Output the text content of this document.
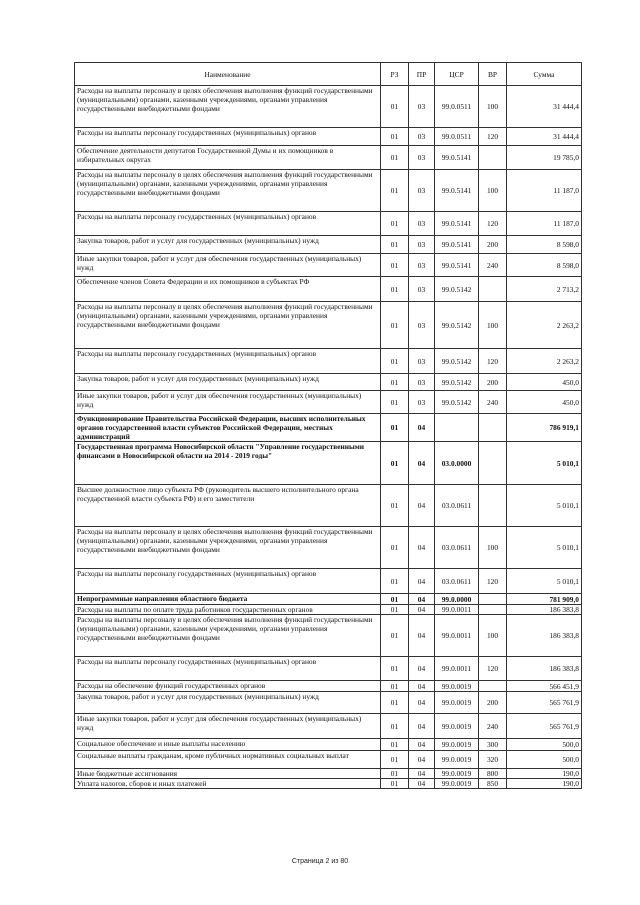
Наименование	РЗ	ПР	ЦСР	ВР	Сумма
Расходы на выплаты персоналу в целях обеспечения выполнения функций государственными (муниципальными) органами, казенными учреждениями, органами управления государственными внебюджетными фондами	01	03	99.0.0511	100	31 444,4
Расходы на выплаты персоналу государственных (муниципальных) органов	01	03	99.0.0511	120	31 444,4
Обеспечение деятельности депутатов Государственной Думы и их помощников в избирательных округах	01	03	99.0.5141		19 785,0
Расходы на выплаты персоналу в целях обеспечения выполнения функций государственными (муниципальными) органами, казенными учреждениями, органами управления государственными внебюджетными фондами	01	03	99.0.5141	100	11 187,0
Расходы на выплаты персоналу государственных (муниципальных) органов	01	03	99.0.5141	120	11 187,0
Закупка товаров, работ и услуг для государственных (муниципальных) нужд	01	03	99.0.5141	200	8 598,0
Иные закупки товаров, работ и услуг для обеспечения государственных (муниципальных) нужд	01	03	99.0.5141	240	8 598,0
Обеспечение членов Совета Федерации и их помощников в субъектах РФ	01	03	99.0.5142		2 713,2
Расходы на выплаты персоналу в целях обеспечения выполнения функций государственными (муниципальными) органами, казенными учреждениями, органами управления государственными внебюджетными фондами	01	03	99.0.5142	100	2 263,2
Расходы на выплаты персоналу государственных (муниципальных) органов	01	03	99.0.5142	120	2 263,2
Закупка товаров, работ и услуг для государственных (муниципальных) нужд	01	03	99.0.5142	200	450,0
Иные закупки товаров, работ и услуг для обеспечения государственных (муниципальных) нужд	01	03	99.0.5142	240	450,0
Функционирование Правительства Российской Федерации, высших исполнительных органов государственной власти субъектов Российской Федерации, местных администраций	01	04			786 919,1
Государственная программа Новосибирской области "Управление государственными финансами в Новосибирской области на 2014 - 2019 годы"	01	04	03.0.0000		5 010,1
Высшее должностное лицо субъекта РФ (руководитель высшего исполнительного органа государственной власти субъекта РФ) и его заместители	01	04	03.0.0611		5 010,1
Расходы на выплаты персоналу в целях обеспечения выполнения функций государственными (муниципальными) органами, казенными учреждениями, органами управления государственными внебюджетными фондами	01	04	03.0.0611	100	5 010,1
Расходы на выплаты персоналу государственных (муниципальных) органов	01	04	03.0.0611	120	5 010,1
Непрограммные направления областного бюджета	01	04	99.0.0000		781 909,0
Расходы на выплаты по оплате труда работников государственных органов	01	04	99.0.0011		186 383,8
Расходы на выплаты персоналу в целях обеспечения выполнения функций государственными (муниципальными) органами, казенными учреждениями, органами управления государственными внебюджетными фондами	01	04	99.0.0011	100	186 383,8
Расходы на выплаты персоналу государственных (муниципальных) органов	01	04	99.0.0011	120	186 383,8
Расходы на обеспечение функций государственных органов	01	04	99.0.0019		566 451,9
Закупка товаров, работ и услуг для государственных (муниципальных) нужд	01	04	99.0.0019	200	565 761,9
Иные закупки товаров, работ и услуг для обеспечения государственных (муниципальных) нужд	01	04	99.0.0019	240	565 761,9
Социальное обеспечение и иные выплаты населению	01	04	99.0.0019	300	500,0
Социальные выплаты гражданам, кроме публичных нормативных социальных выплат	01	04	99.0.0019	320	500,0
Иные бюджетные ассигнования	01	04	99.0.0019	800	190,0
Уплата налогов, сборов и иных платежей	01	04	99.0.0019	850	190,0
Страница 2 из 80
